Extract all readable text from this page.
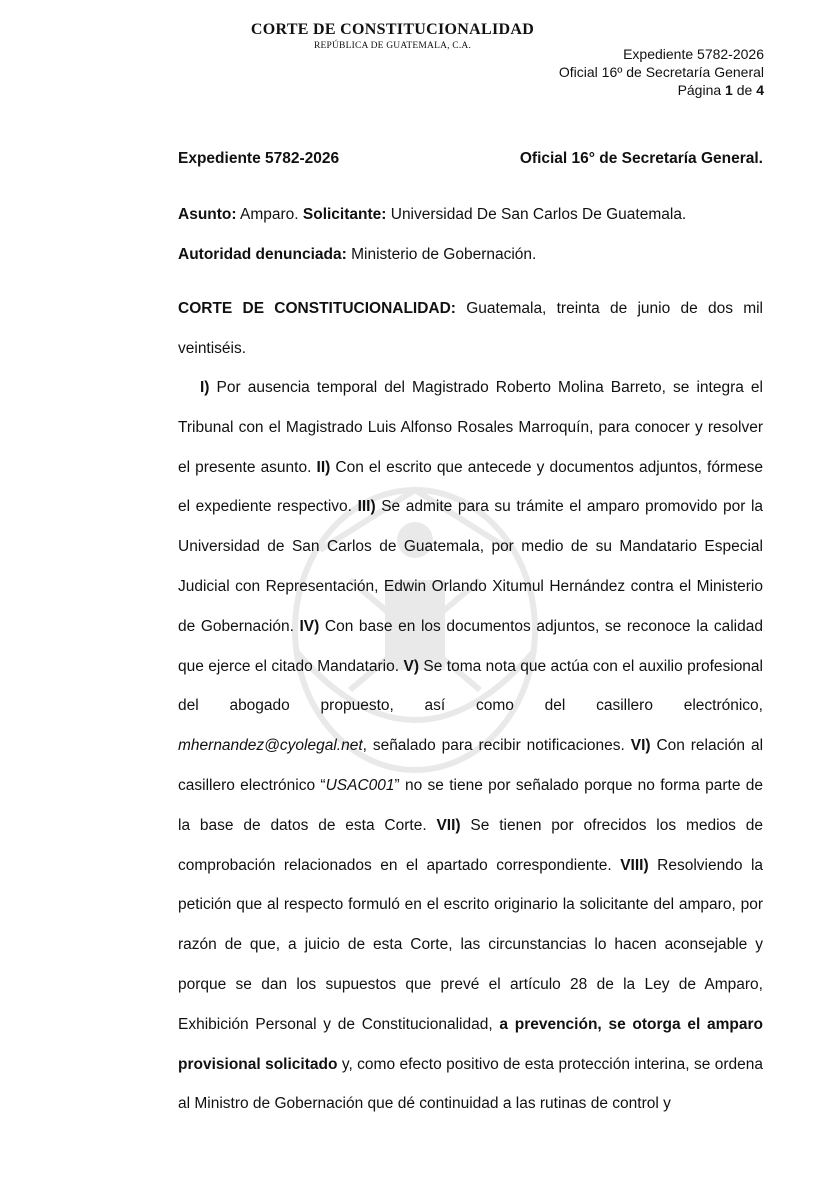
CORTE DE CONSTITUCIONALIDAD
REPÚBLICA DE GUATEMALA, C.A.	Expediente 5782-2026
Oficial 16º de Secretaría General
Página 1 de 4
Expediente 5782-2026	Oficial 16° de Secretaría General.

Asunto: Amparo. Solicitante: Universidad De San Carlos De Guatemala.
Autoridad denunciada: Ministerio de Gobernación.

CORTE DE CONSTITUCIONALIDAD: Guatemala, treinta de junio de dos mil veintiséis.

I) Por ausencia temporal del Magistrado Roberto Molina Barreto, se integra el Tribunal con el Magistrado Luis Alfonso Rosales Marroquín, para conocer y resolver el presente asunto. II) Con el escrito que antecede y documentos adjuntos, fórmese el expediente respectivo. III) Se admite para su trámite el amparo promovido por la Universidad de San Carlos de Guatemala, por medio de su Mandatario Especial Judicial con Representación, Edwin Orlando Xitumul Hernández contra el Ministerio de Gobernación. IV) Con base en los documentos adjuntos, se reconoce la calidad que ejerce el citado Mandatario. V) Se toma nota que actúa con el auxilio profesional del abogado propuesto, así como del casillero electrónico, mhernandez@cyolegal.net, señalado para recibir notificaciones. VI) Con relación al casillero electrónico “USAC001” no se tiene por señalado porque no forma parte de la base de datos de esta Corte. VII) Se tienen por ofrecidos los medios de comprobación relacionados en el apartado correspondiente. VIII) Resolviendo la petición que al respecto formuló en el escrito originario la solicitante del amparo, por razón de que, a juicio de esta Corte, las circunstancias lo hacen aconsejable y porque se dan los supuestos que prevé el artículo 28 de la Ley de Amparo, Exhibición Personal y de Constitucionalidad, a prevención, se otorga el amparo provisional solicitado y, como efecto positivo de esta protección interina, se ordena al Ministro de Gobernación que dé continuidad a las rutinas de control y
